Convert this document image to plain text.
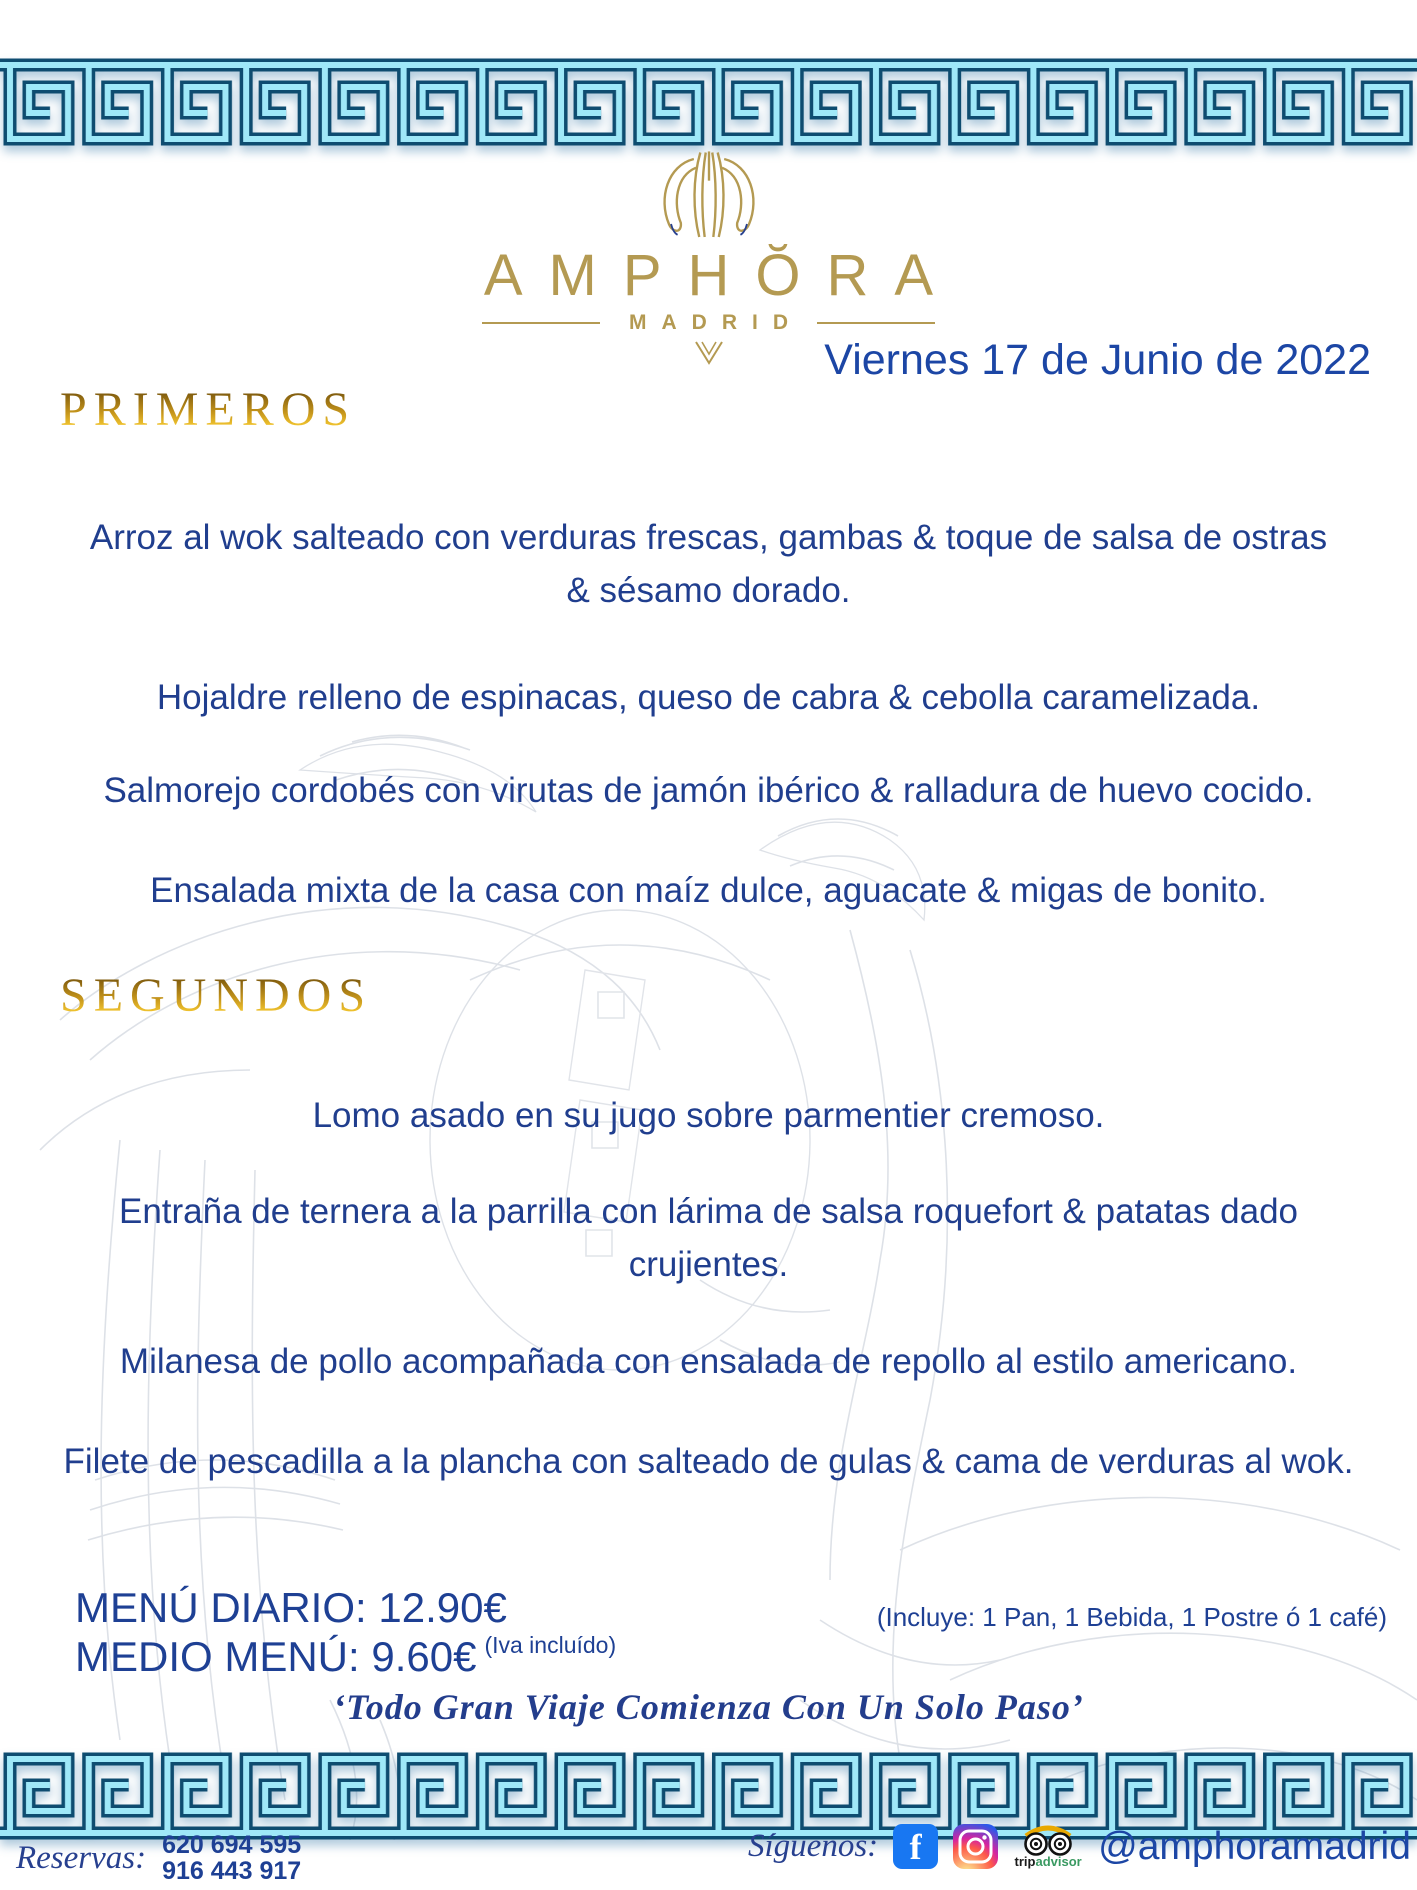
AMPHŎRA
MADRID
Viernes 17 de Junio de 2022
PRIMEROS
Arroz al wok salteado con verduras frescas, gambas & toque de salsa de ostras & sésamo dorado.
Hojaldre relleno de espinacas, queso de cabra & cebolla caramelizada.
Salmorejo cordobés con virutas de jamón ibérico & ralladura de huevo cocido.
Ensalada mixta de la casa con maíz dulce, aguacate & migas de bonito.
SEGUNDOS
Lomo asado en su jugo sobre parmentier cremoso.
Entraña de ternera a la parrilla con lárima de salsa roquefort & patatas dado crujientes.
Milanesa de pollo acompañada con ensalada de repollo al estilo americano.
Filete de pescadilla a la plancha con salteado de gulas & cama de verduras al wok.
MENÚ DIARIO: 12.90€
MEDIO MENÚ: 9.60€ $^{(Iva incluído)}$
(Incluye: 1 Pan, 1 Bebida, 1 Postre ó 1 café)
‘Todo Gran Viaje Comienza Con Un Solo Paso’
Reservas: 620 694 595
916 443 917
Síguenos: f	tripadvisor @amphoramadrid
